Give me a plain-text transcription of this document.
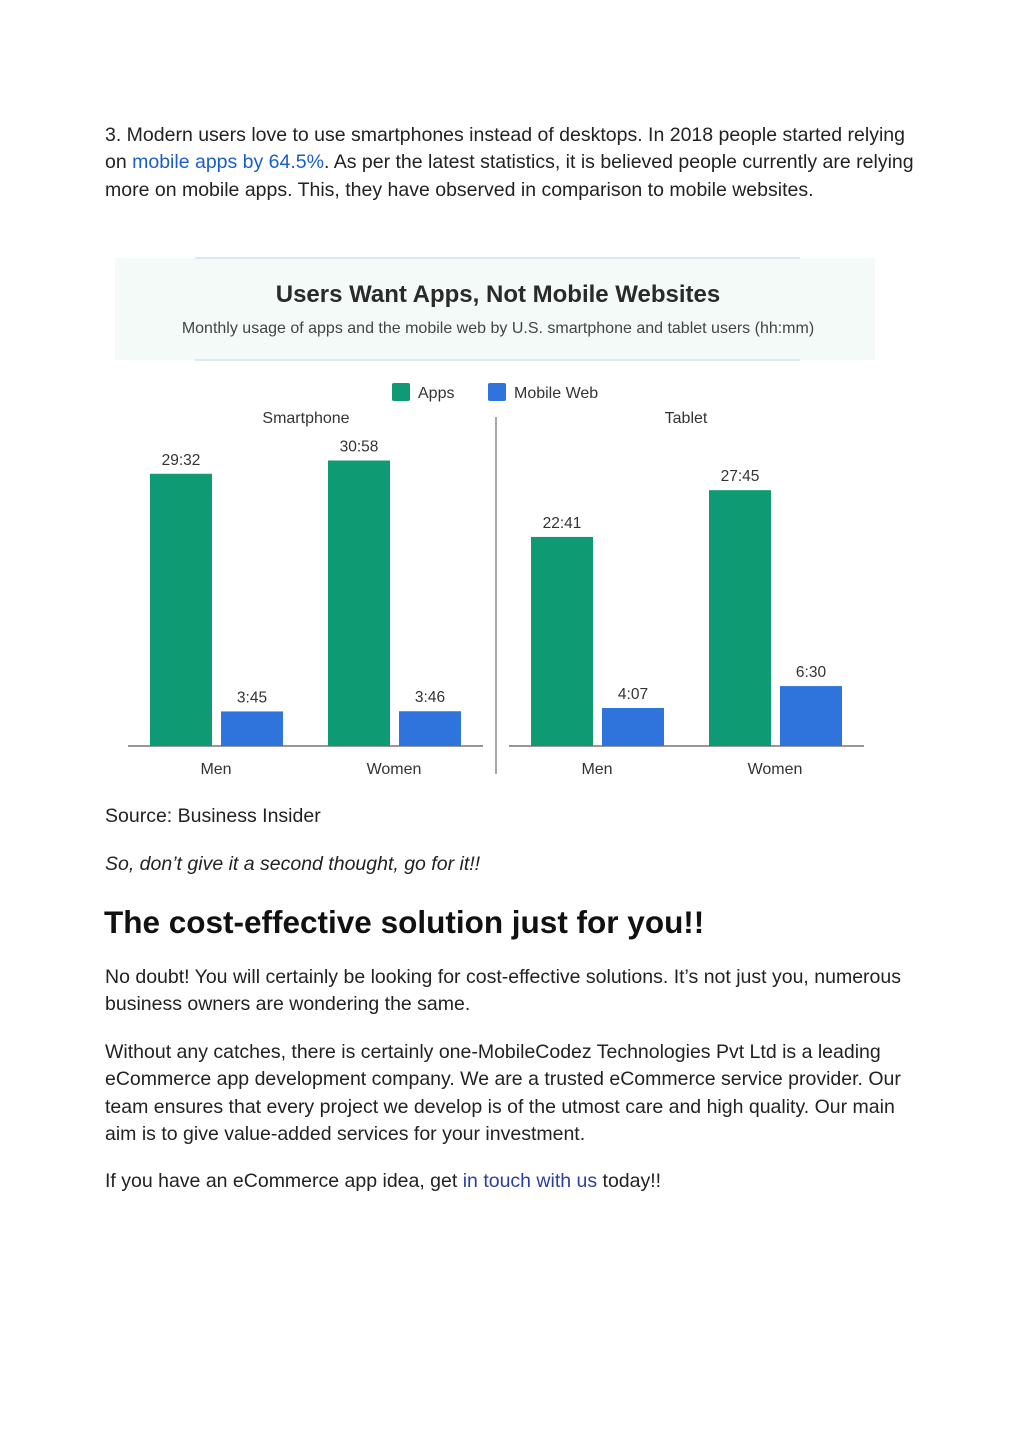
3. Modern users love to use smartphones instead of desktops. In 2018 people started relying on mobile apps by 64.5%. As per the latest statistics, it is believed people currently are relying more on mobile apps. This, they have observed in comparison to mobile websites.

Users Want Apps, Not Mobile Websites
Monthly usage of apps and the mobile web by U.S. smartphone and tablet users (hh:mm)
Apps	Mobile Web
Smartphone
29:32
3:45
Men
30:58
3:46
Women
Tablet
22:41
4:07
Men
27:45
6:30
Women

Source: Business Insider

So, don’t give it a second thought, go for it!!

The cost-effective solution just for you!!

No doubt! You will certainly be looking for cost-effective solutions. It’s not just you, numerous business owners are wondering the same.

Without any catches, there is certainly one-MobileCodez Technologies Pvt Ltd is a leading eCommerce app development company. We are a trusted eCommerce service provider. Our team ensures that every project we develop is of the utmost care and high quality. Our main aim is to give value-added services for your investment.

If you have an eCommerce app idea, get in touch with us today!!
